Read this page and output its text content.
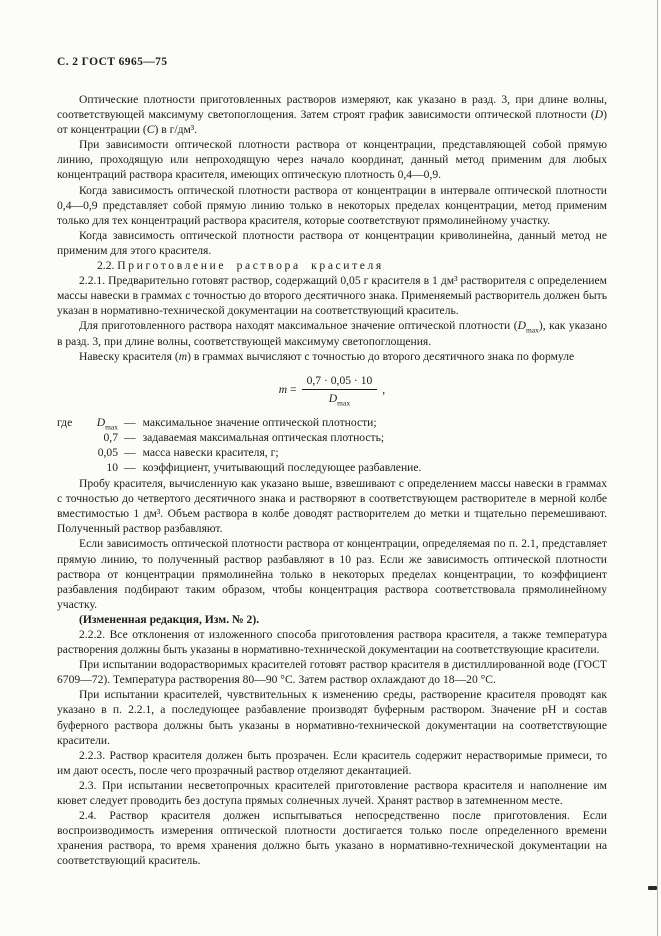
С. 2 ГОСТ 6965—75

Оптические плотности приготовленных растворов измеряют, как указано в разд. 3, при длине волны, соответствующей максимуму светопоглощения. Затем строят график зависимости оптической плотности (D) от концентрации (С) в г/дм³.

При зависимости оптической плотности раствора от концентрации, представляющей собой прямую линию, проходящую или непроходящую через начало координат, данный метод применим для любых концентраций раствора красителя, имеющих оптическую плотность 0,4—0,9.

Когда зависимость оптической плотности раствора от концентрации в интервале оптической плотности 0,4—0,9 представляет собой прямую линию только в некоторых пределах концентрации, метод применим только для тех концентраций раствора красителя, которые соответствуют прямолинейному участку.

Когда зависимость оптической плотности раствора от концентрации криволинейна, данный метод не применим для этого красителя.

2.2. Приготовление раствора красителя

2.2.1. Предварительно готовят раствор, содержащий 0,05 г красителя в 1 дм³ растворителя с определением массы навески в граммах с точностью до второго десятичного знака. Применяемый растворитель должен быть указан в нормативно-технической документации на соответствующий краситель.

Для приготовленного раствора находят максимальное значение оптической плотности $(D_{max})$, как указано в разд. 3, при длине волны, соответствующей максимуму светопоглощения.

Навеску красителя (m) в граммах вычисляют с точностью до второго десятичного знака по формуле

$m = \frac{0,7 \cdot 0,05 \cdot 10}{D_{max}}$ ,
где	$D_{max}$ — максимальное значение оптической плотности;
0,7 — задаваемая максимальная оптическая плотность;
0,05 — масса навески красителя, г;
10 — коэффициент, учитывающий последующее разбавление.

Пробу красителя, вычисленную как указано выше, взвешивают с определением массы навески в граммах с точностью до четвертого десятичного знака и растворяют в соответствующем растворителе в мерной колбе вместимостью 1 дм³. Объем раствора в колбе доводят растворителем до метки и тщательно перемешивают. Полученный раствор разбавляют.

Если зависимость оптической плотности раствора от концентрации, определяемая по п. 2.1, представляет прямую линию, то полученный раствор разбавляют в 10 раз. Если же зависимость оптической плотности раствора от концентрации прямолинейна только в некоторых пределах концентрации, то коэффициент разбавления подбирают таким образом, чтобы концентрация раствора соответствовала прямолинейному участку.

(Измененная редакция, Изм. № 2).

2.2.2. Все отклонения от изложенного способа приготовления раствора красителя, а также температура растворения должны быть указаны в нормативно-технической документации на соответствующие красители.

При испытании водорастворимых красителей готовят раствор красителя в дистиллированной воде (ГОСТ 6709—72). Температура растворения 80—90 °С. Затем раствор охлаждают до 18—20 °С.

При испытании красителей, чувствительных к изменению среды, растворение красителя проводят как указано в п. 2.2.1, а последующее разбавление производят буферным раствором. Значение pH и состав буферного раствора должны быть указаны в нормативно-технической документации на соответствующие красители.

2.2.3. Раствор красителя должен быть прозрачен. Если краситель содержит нерастворимые примеси, то им дают осесть, после чего прозрачный раствор отделяют декантацией.

2.3. При испытании несветопрочных красителей приготовление раствора красителя и наполнение им кювет следует проводить без доступа прямых солнечных лучей. Хранят раствор в затемненном месте.

2.4. Раствор красителя должен испытываться непосредственно после приготовления. Если воспроизводимость измерения оптической плотности достигается только после определенного времени хранения раствора, то время хранения должно быть указано в нормативно-технической документации на соответствующий краситель.
